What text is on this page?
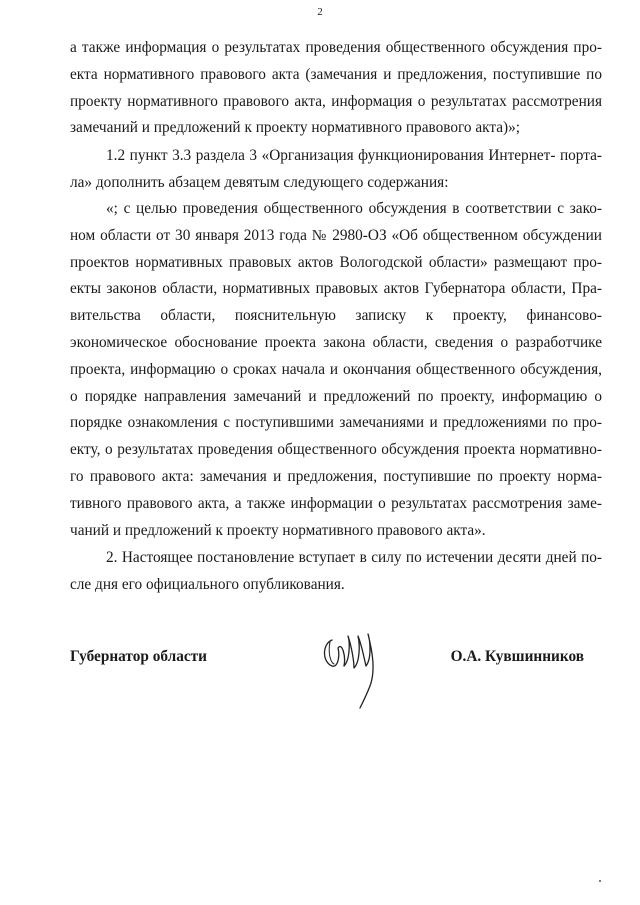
2
а также информация о результатах проведения общественного обсуждения про-
екта нормативного правового акта (замечания и предложения, поступившие по
проекту нормативного правового акта, информация о результатах рассмотрения
замечаний и предложений к проекту нормативного правового акта)»;
1.2 пункт 3.3 раздела 3 «Организация функционирования Интернет- порта-
ла» дополнить абзацем девятым следующего содержания:
«; с целью проведения общественного обсуждения в соответствии с зако-
ном области от 30 января 2013 года № 2980-ОЗ «Об общественном обсуждении
проектов нормативных правовых актов Вологодской области» размещают про-
екты законов области, нормативных правовых актов Губернатора области, Пра-
вительства области, пояснительную записку к проекту, финансово-
экономическое обоснование проекта закона области, сведения о разработчике
проекта, информацию о сроках начала и окончания общественного обсуждения,
о порядке направления замечаний и предложений по проекту, информацию о
порядке ознакомления с поступившими замечаниями и предложениями по про-
екту, о результатах проведения общественного обсуждения проекта нормативно-
го правового акта: замечания и предложения, поступившие по проекту норма-
тивного правового акта, а также информации о результатах рассмотрения заме-
чаний и предложений к проекту нормативного правового акта».
2. Настоящее постановление вступает в силу по истечении десяти дней по-
сле дня его официального опубликования.
Губернатор области	О.А. Кувшинников
